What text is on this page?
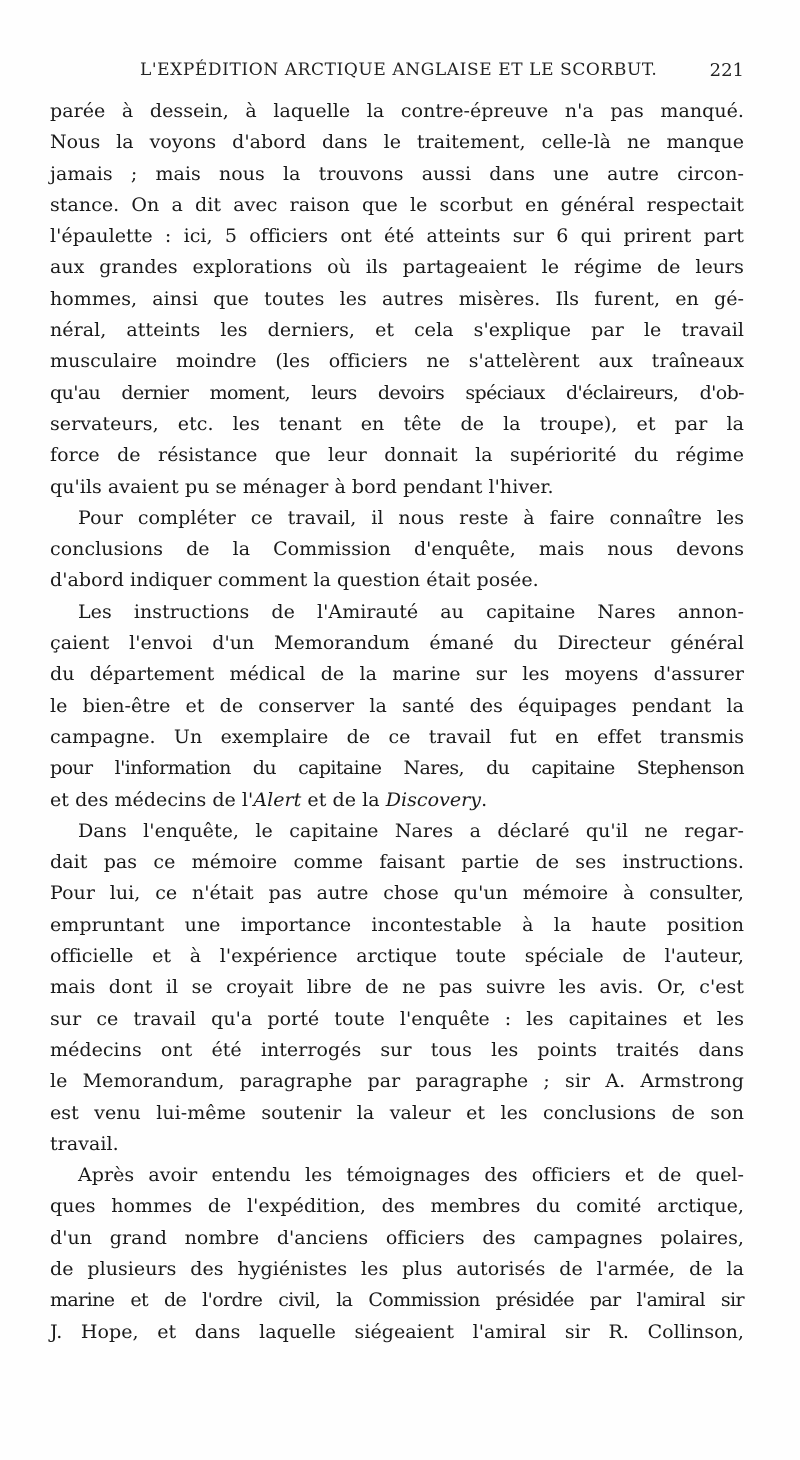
L'EXPÉDITION ARCTIQUE ANGLAISE ET LE SCORBUT.	221
parée à dessein, à laquelle la contre-épreuve n'a pas manqué.
Nous la voyons d'abord dans le traitement, celle-là ne manque
jamais ; mais nous la trouvons aussi dans une autre circon-
stance. On a dit avec raison que le scorbut en général respectait
l'épaulette : ici, 5 officiers ont été atteints sur 6 qui prirent part
aux grandes explorations où ils partageaient le régime de leurs
hommes, ainsi que toutes les autres misères. Ils furent, en gé-
néral, atteints les derniers, et cela s'explique par le travail
musculaire moindre (les officiers ne s'attelèrent aux traîneaux
qu'au dernier moment, leurs devoirs spéciaux d'éclaireurs, d'ob-
servateurs, etc. les tenant en tête de la troupe), et par la
force de résistance que leur donnait la supériorité du régime
qu'ils avaient pu se ménager à bord pendant l'hiver.
Pour compléter ce travail, il nous reste à faire connaître les
conclusions de la Commission d'enquête, mais nous devons
d'abord indiquer comment la question était posée.
Les instructions de l'Amirauté au capitaine Nares annon-
çaient l'envoi d'un Memorandum émané du Directeur général
du département médical de la marine sur les moyens d'assurer
le bien-être et de conserver la santé des équipages pendant la
campagne. Un exemplaire de ce travail fut en effet transmis
pour l'information du capitaine Nares, du capitaine Stephenson
et des médecins de l'Alert et de la Discovery.
Dans l'enquête, le capitaine Nares a déclaré qu'il ne regar-
dait pas ce mémoire comme faisant partie de ses instructions.
Pour lui, ce n'était pas autre chose qu'un mémoire à consulter,
empruntant une importance incontestable à la haute position
officielle et à l'expérience arctique toute spéciale de l'auteur,
mais dont il se croyait libre de ne pas suivre les avis. Or, c'est
sur ce travail qu'a porté toute l'enquête : les capitaines et les
médecins ont été interrogés sur tous les points traités dans
le Memorandum, paragraphe par paragraphe ; sir A. Armstrong
est venu lui-même soutenir la valeur et les conclusions de son
travail.
Après avoir entendu les témoignages des officiers et de quel-
ques hommes de l'expédition, des membres du comité arctique,
d'un grand nombre d'anciens officiers des campagnes polaires,
de plusieurs des hygiénistes les plus autorisés de l'armée, de la
marine et de l'ordre civil, la Commission présidée par l'amiral sir
J. Hope, et dans laquelle siégeaient l'amiral sir R. Collinson,
